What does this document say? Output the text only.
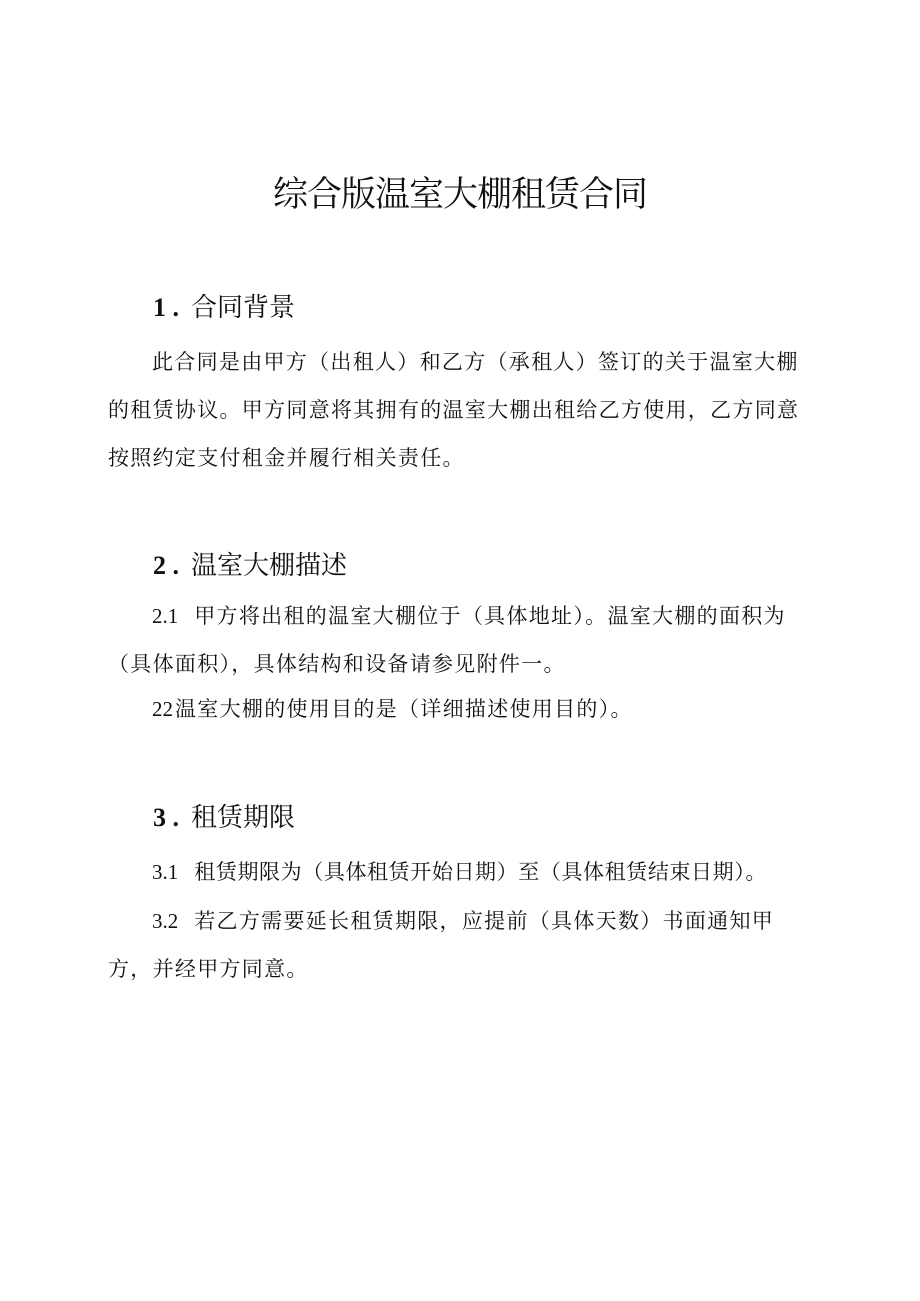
综合版温室大棚租赁合同
1 . 合同背景

此合同是由甲方（出租人）和乙方（承租人）签订的关于温室大棚的租赁协议。甲方同意将其拥有的温室大棚出租给乙方使用，乙方同意按照约定支付租金并履行相关责任。

2 . 温室大棚描述

2.1 甲方将出租的温室大棚位于（具体地址）。温室大棚的面积为（具体面积），具体结构和设备请参见附件一。

22温室大棚的使用目的是（详细描述使用目的）。

3 . 租赁期限

3.1 租赁期限为（具体租赁开始日期）至（具体租赁结束日期）。

3.2 若乙方需要延长租赁期限，应提前（具体天数）书面通知甲方，并经甲方同意。
